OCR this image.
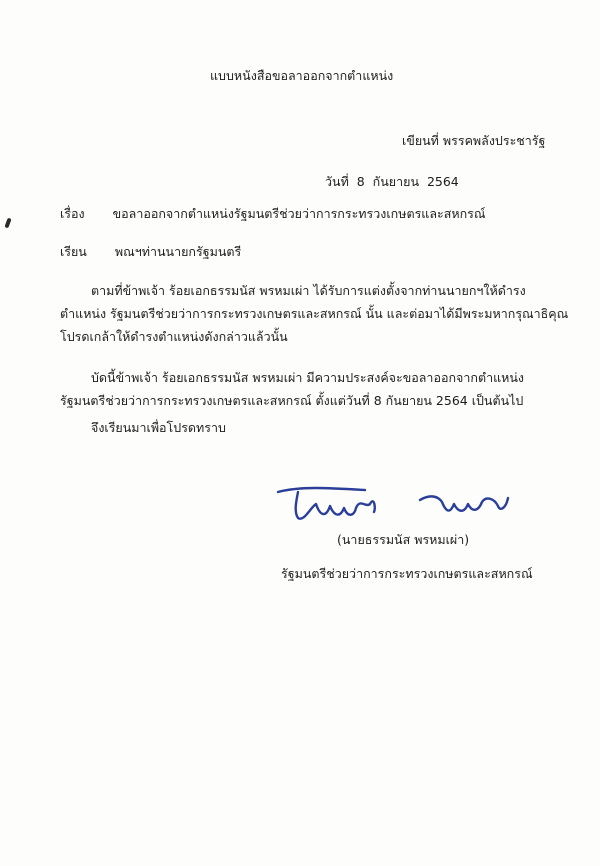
แบบหนังสือขอลาออกจากตำแหน่ง
เขียนที่ พรรคพลังประชารัฐ
วันที่ 8 กันยายน 2564
เรื่อง ขอลาออกจากตำแหน่งรัฐมนตรีช่วยว่าการกระทรวงเกษตรและสหกรณ์
เรียน พณฯท่านนายกรัฐมนตรี
ตามที่ข้าพเจ้า ร้อยเอกธรรมนัส พรหมเผ่า ได้รับการแต่งตั้งจากท่านนายกฯให้ดำรง
ตำแหน่ง รัฐมนตรีช่วยว่าการกระทรวงเกษตรและสหกรณ์ นั้น และต่อมาได้มีพระมหากรุณาธิคุณ
โปรดเกล้าให้ดำรงตำแหน่งดังกล่าวแล้วนั้น
บัดนี้ข้าพเจ้า ร้อยเอกธรรมนัส พรหมเผ่า มีความประสงค์จะขอลาออกจากตำแหน่ง
รัฐมนตรีช่วยว่าการกระทรวงเกษตรและสหกรณ์ ตั้งแต่วันที่ 8 กันยายน 2564 เป็นต้นไป
จึงเรียนมาเพื่อโปรดทราบ
(นายธรรมนัส พรหมเผ่า)
รัฐมนตรีช่วยว่าการกระทรวงเกษตรและสหกรณ์
